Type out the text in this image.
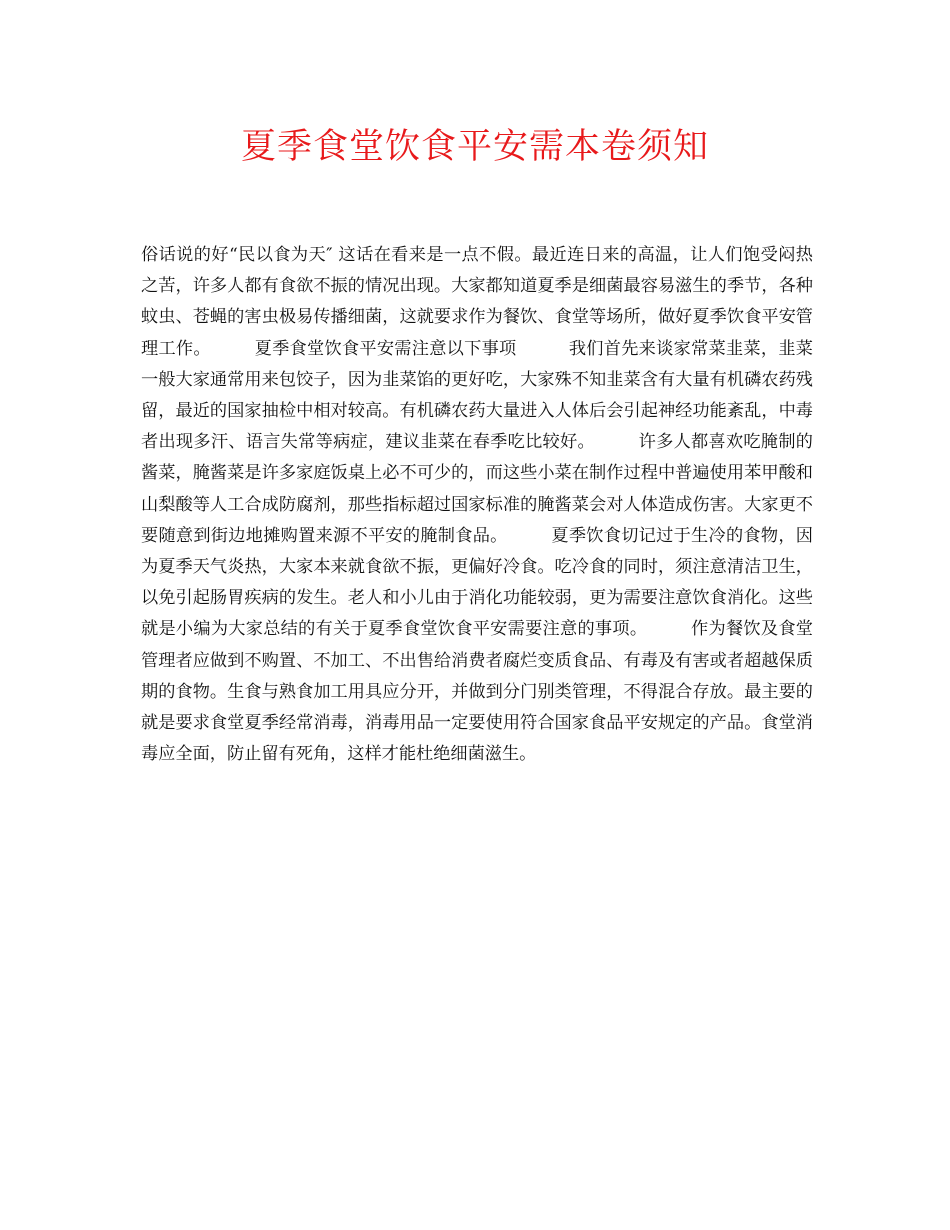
夏季食堂饮食平安需本卷须知

俗话说的好“民以食为天″ 这话在看来是一点不假。最近连日来的高温，让人们饱受闷热之苦，许多人都有食欲不振的情况出现。大家都知道夏季是细菌最容易滋生的季节，各种蚊虫、苍蝇的害虫极易传播细菌，这就要求作为餐饮、食堂等场所，做好夏季饮食平安管理工作。　　　夏季食堂饮食平安需注意以下事项　　　我们首先来谈家常菜韭菜，韭菜一般大家通常用来包饺子，因为韭菜馅的更好吃，大家殊不知韭菜含有大量有机磷农药残留，最近的国家抽检中相对较高。有机磷农药大量进入人体后会引起神经功能紊乱，中毒者出现多汗、语言失常等病症，建议韭菜在春季吃比较好。　　　许多人都喜欢吃腌制的酱菜，腌酱菜是许多家庭饭桌上必不可少的，而这些小菜在制作过程中普遍使用苯甲酸和山梨酸等人工合成防腐剂，那些指标超过国家标准的腌酱菜会对人体造成伤害。大家更不要随意到街边地摊购置来源不平安的腌制食品。　　　夏季饮食切记过于生冷的食物，因为夏季天气炎热，大家本来就食欲不振，更偏好冷食。吃冷食的同时，须注意清洁卫生，以免引起肠胃疾病的发生。老人和小儿由于消化功能较弱，更为需要注意饮食消化。这些就是小编为大家总结的有关于夏季食堂饮食平安需要注意的事项。　　　作为餐饮及食堂管理者应做到不购置、不加工、不出售给消费者腐烂变质食品、有毒及有害或者超越保质期的食物。生食与熟食加工用具应分开，并做到分门别类管理，不得混合存放。最主要的就是要求食堂夏季经常消毒，消毒用品一定要使用符合国家食品平安规定的产品。食堂消毒应全面，防止留有死角，这样才能杜绝细菌滋生。
